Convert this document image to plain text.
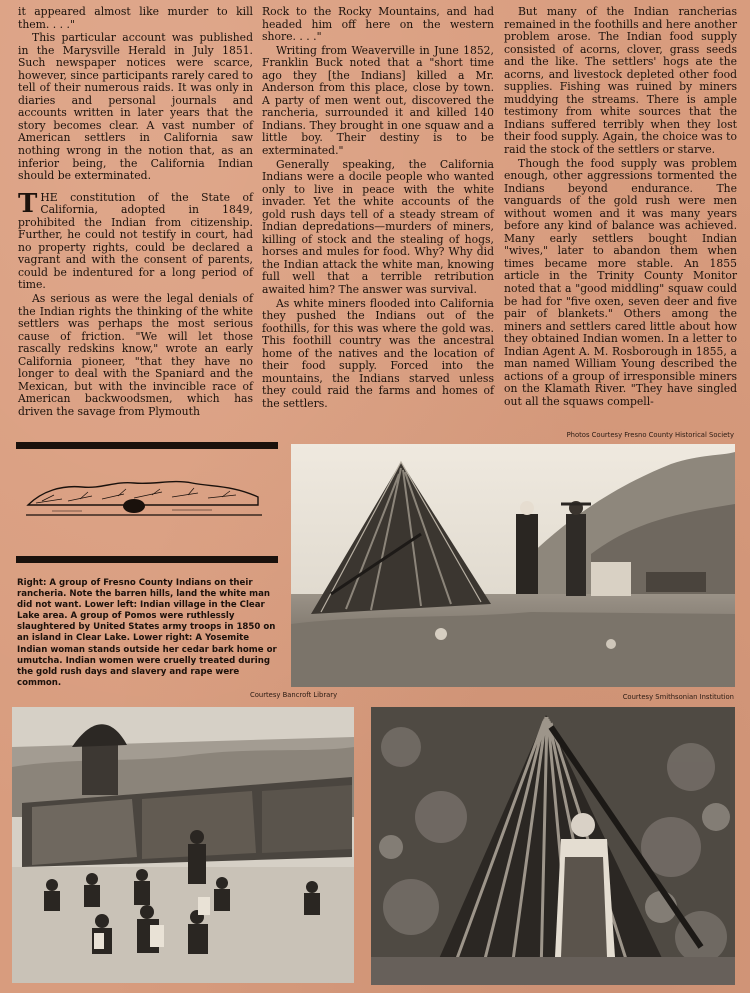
it appeared almost like murder to kill them. . . ."

This particular account was published in the Marysville Herald in July 1851. Such newspaper notices were scarce, however, since participants rarely cared to tell of their numerous raids. It was only in diaries and personal journals and accounts written in later years that the story becomes clear. A vast number of American settlers in California saw nothing wrong in the notion that, as an inferior being, the California Indian should be exterminated.

THE constitution of the State of California, adopted in 1849, prohibited the Indian from citizenship. Further, he could not testify in court, had no property rights, could be declared a vagrant and with the consent of parents, could be indentured for a long period of time.

As serious as were the legal denials of the Indian rights the thinking of the white settlers was perhaps the most serious cause of friction. "We will let those rascally redskins know," wrote an early California pioneer, "that they have no longer to deal with the Spaniard and the Mexican, but with the invincible race of American backwoodsmen, which has driven the savage from Plymouth

Rock to the Rocky Mountains, and had headed him off here on the western shore. . . ."

Writing from Weaverville in June 1852, Franklin Buck noted that a "short time ago they [the Indians] killed a Mr. Anderson from this place, close by town. A party of men went out, discovered the rancheria, surrounded it and killed 140 Indians. They brought in one squaw and a little boy. Their destiny is to be exterminated."

Generally speaking, the California Indians were a docile people who wanted only to live in peace with the white invader. Yet the white accounts of the gold rush days tell of a steady stream of Indian depredations—murders of miners, killing of stock and the stealing of hogs, horses and mules for food. Why? Why did the Indian attack the white man, knowing full well that a terrible retribution awaited him? The answer was survival.

As white miners flooded into California they pushed the Indians out of the foothills, for this was where the gold was. This foothill country was the ancestral home of the natives and the location of their food supply. Forced into the mountains, the Indians starved unless they could raid the farms and homes of the settlers.

But many of the Indian rancherias remained in the foothills and here another problem arose. The Indian food supply consisted of acorns, clover, grass seeds and the like. The settlers' hogs ate the acorns, and livestock depleted other food supplies. Fishing was ruined by miners muddying the streams. There is ample testimony from white sources that the Indians suffered terribly when they lost their food supply. Again, the choice was to raid the stock of the settlers or starve.

Though the food supply was problem enough, other aggressions tormented the Indians beyond endurance. The vanguards of the gold rush were men without women and it was many years before any kind of balance was achieved. Many early settlers bought Indian "wives," later to abandon them when times became more stable. An 1855 article in the Trinity County Monitor noted that a "good middling" squaw could be had for "five oxen, seven deer and five pair of blankets." Others among the miners and settlers cared little about how they obtained Indian women. In a letter to Indian Agent A. M. Rosborough in 1855, a man named William Young described the actions of a group of irresponsible miners on the Klamath River. "They have singled out all the squaws compell-

Photos Courtesy Fresno County Historical Society
Right: A group of Fresno County Indians on their rancheria. Note the barren hills, land the white man did not want. Lower left: Indian village in the Clear Lake area. A group of Pomos were ruthlessly slaughtered by United States army troops in 1850 on an island in Clear Lake. Lower right: A Yosemite Indian woman stands outside her cedar bark home or umutcha. Indian women were cruelly treated during the gold rush days and slavery and rape were common.
Courtesy Bancroft Library	Courtesy Smithsonian Institution
